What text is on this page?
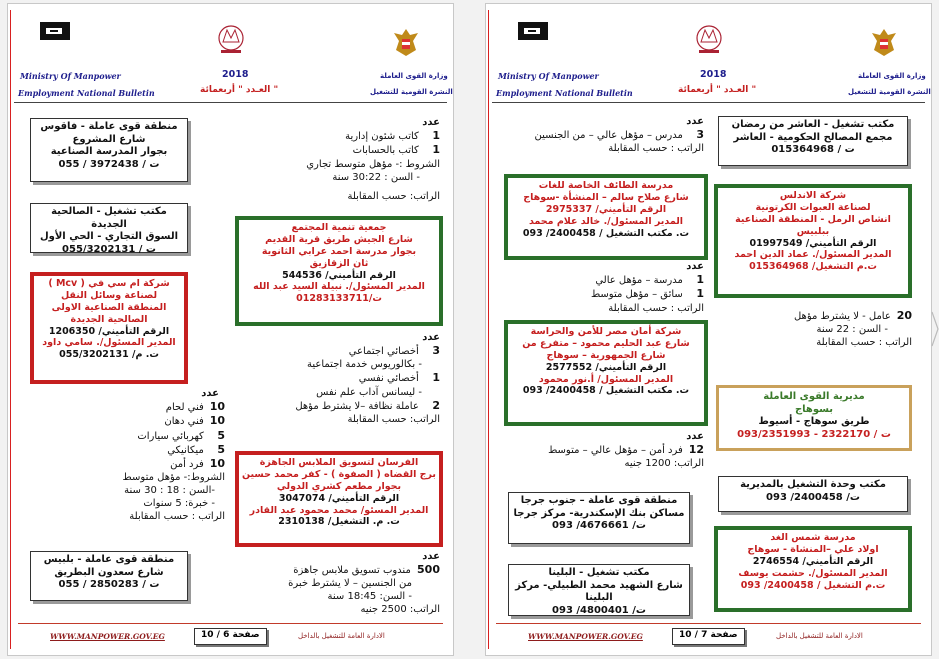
Ministry Of Manpower
Employment National Bulletin
2018
العـدد " أربعمائة "
وزارة القوى العاملة
النشرة القومية للتشغيل
عدد
1 كاتب شئون إدارية
1 كاتب بالحسابات
الشروط :- مؤهل متوسط تجاري
- السن : 30:22 سنة
الراتب: حسب المقابلة
منطقة قوى عاملة - فاقوس
شارع المشروع
بجوار المدرسة الصناعية
ت / 3972438 / 055
مكتب تشغيل - الصالحية الجديدة
السوق التجاري - الحي الأول
ت / 055/3202131
شركة ام سي في ( Mcv )
لصناعة وسائل النقل
المنطقة الصناعية الاولى
الصالحية الجديدة
الرقم التأميني/ 1206350
المدير المسئول/. سامي داود
ت. م/ 055/3202131
جمعية تنمية المجتمع
شارع الجيش طريق قرية القديم
بجوار مدرسة احمد عرابي الثانوية
ثان الزقازيق
الرقم التأميني/ 544536
المدير المسئول/. نبيلة السيد عبد الله
ت/01283133711
عدد
3 أخصائي اجتماعي
- بكالوريوس خدمة اجتماعية
1 أخصائي نفسي
- ليسانس آداب علم نفس
2 عاملة نظافة –لا يشترط مؤهل
الراتب: حسب المقابلة
عدد
10 فني لحام
10 فني دهان
5 كهربائي سيارات
5 ميكانيكي
10 فرد أمن
الشروط:- مؤهل متوسط
-السن : 18 : 30 سنة
- خبرة: 5 سنوات
الراتب : حسب المقابلة
الفرسان لتسويق الملابس الجاهزة
برج القضاه ( الصفوة ) - كفر محمد حسين
بجوار مطعم كشري الدولي
الرقم التأميني/ 3047074
المدير المسئو/ محمد محمود عبد القادر
ت. م. التشغيل/ 2310138
منطقة قوى عاملة - بلبيس
شارع سعدون البطريق
ت / 2850283 / 055
عدد
500 مندوب تسويق ملابس جاهزة
من الجنسين – لا يشترط خبرة
- السن: 18:45 سنة
الراتب: 2500 جنيه
WWW.MANPOWER.GOV.EG	صفحة 6 / 10	الادارة العامة للتشغيل بالداخل
Ministry Of Manpower
Employment National Bulletin
2018
العـدد " أربعمائة "
وزارة القوى العاملة
النشرة القومية للتشغيل
عدد
3 مدرس – مؤهل عالي – من الجنسين
الراتب : حسب المقابلة
مكتب تشغيل - العاشر من رمضان
مجمع المصالح الحكومية - العاشر
ت / 015364968
مدرسة الطائف الخاصة للغات
شارع صلاح سالم – المنشأة -سوهاج
الرقم التأميني/ 2975337
المدير المسئول/. خالد علام محمد
ت. مكتب التشغيل / 2400458/ 093
شركة الاندلس
لصناعة العبوات الكرتونية
انشاص الرمل - المنطقة الصناعية
ببلبيس
الرقم التأميني/ 01997549
المدير المسئول/. عماد الدين احمد
ت.م التشغيل/ 015364968
عدد
1 مدرسة – مؤهل عالي
1 سائق – مؤهل متوسط
الراتب : حسب المقابلة
20 عامل - لا يشترط مؤهل
- السن : 22 سنة
الراتب : حسب المقابلة
شركة أمان مصر للأمن والحراسة
شارع عبد الحليم محمود – متفرع من
شارع الجمهورية – سوهاج
الرقم التأميني/ 2577552
المدير المسئول/ أ.نور محمود
ت. مكتب التشغيل / 2400458/ 093
مديرية القوى العاملة
بسوهاج
طريق سوهاج - أسيوط
ت / 2322170 - 093/2351993
عدد
12 فرد أمن – مؤهل عالي – متوسط
الراتب: 1200 جنيه
مكتب وحدة التشغيل بالمديرية
ت/ 2400458/ 093
منطقة قوى عاملة – جنوب جرجا
مساكن بنك الإسكندرية- مركز جرجا
ت/ 4676661/ 093
مدرسة شمس الغد
اولاد علي –المنشاة - سوهاج
الرقم التأميني/ 2746554
المدير المسئول/. حشمت يوسف
ت.م التشغيل / 2400458/ 093
مكتب تشغيل - البلينا
شارع الشهيد محمد الطبيلي- مركز البلينا
ت/ 4800401/ 093
WWW.MANPOWER.GOV.EG	صفحة 7 / 10	الادارة العامة للتشغيل بالداخل
